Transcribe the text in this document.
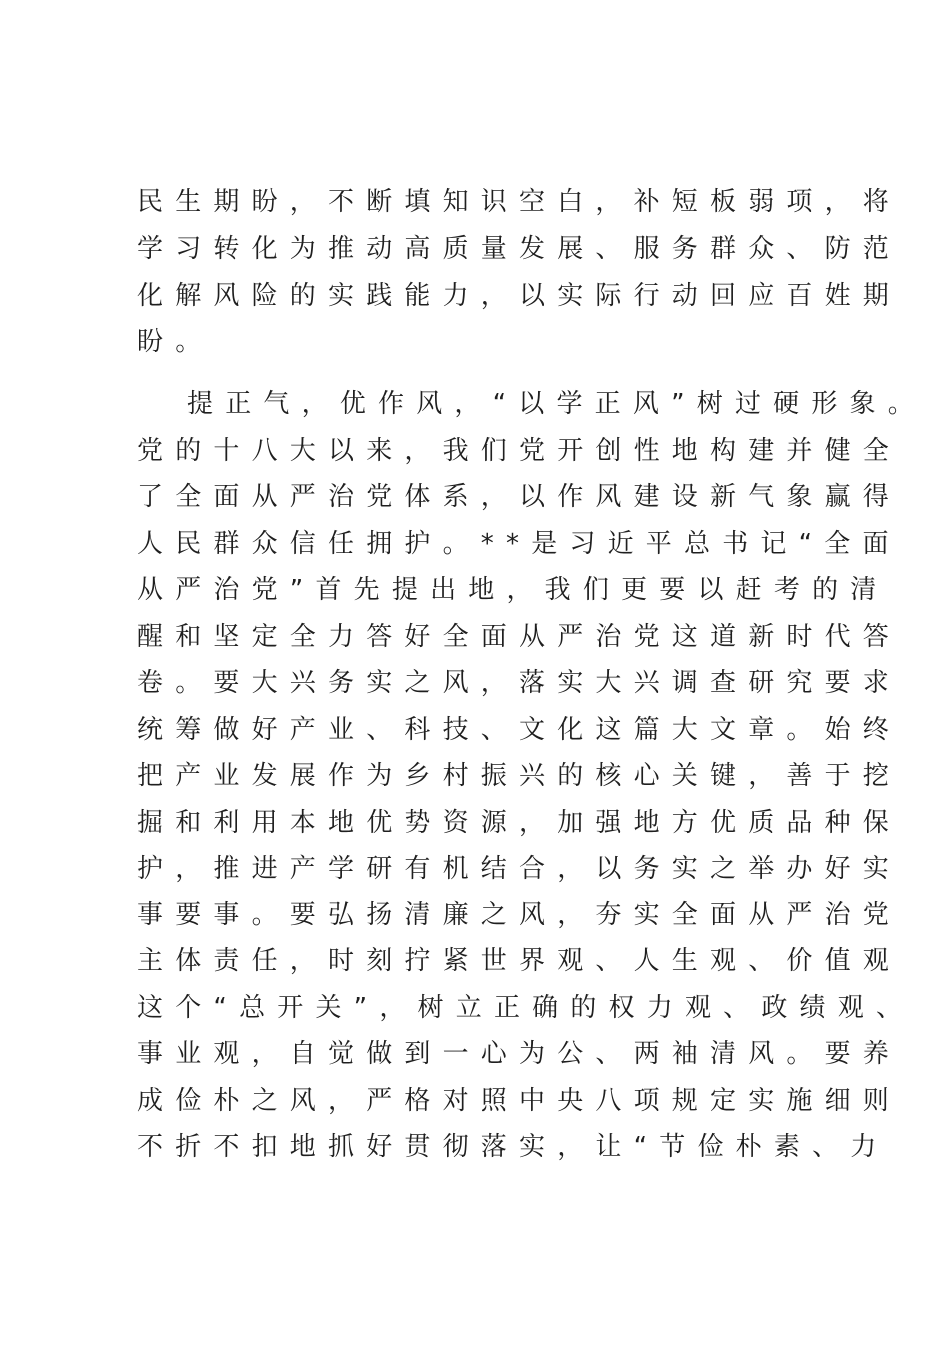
民生期盼，不断填知识空白，补短板弱项，将
学习转化为推动高质量发展、服务群众、防范
化解风险的实践能力，以实际行动回应百姓期
盼。
提正气，优作风，“以学正风”树过硬形象。
党的十八大以来，我们党开创性地构建并健全
了全面从严治党体系，以作风建设新气象赢得
人民群众信任拥护。**是习近平总书记“全面
从严治党”首先提出地，我们更要以赶考的清
醒和坚定全力答好全面从严治党这道新时代答
卷。要大兴务实之风，落实大兴调查研究要求
统筹做好产业、科技、文化这篇大文章。始终
把产业发展作为乡村振兴的核心关键，善于挖
掘和利用本地优势资源，加强地方优质品种保
护，推进产学研有机结合，以务实之举办好实
事要事。要弘扬清廉之风，夯实全面从严治党
主体责任，时刻拧紧世界观、人生观、价值观
这个“总开关”，树立正确的权力观、政绩观、
事业观，自觉做到一心为公、两袖清风。要养
成俭朴之风，严格对照中央八项规定实施细则
不折不扣地抓好贯彻落实，让“节俭朴素、力
